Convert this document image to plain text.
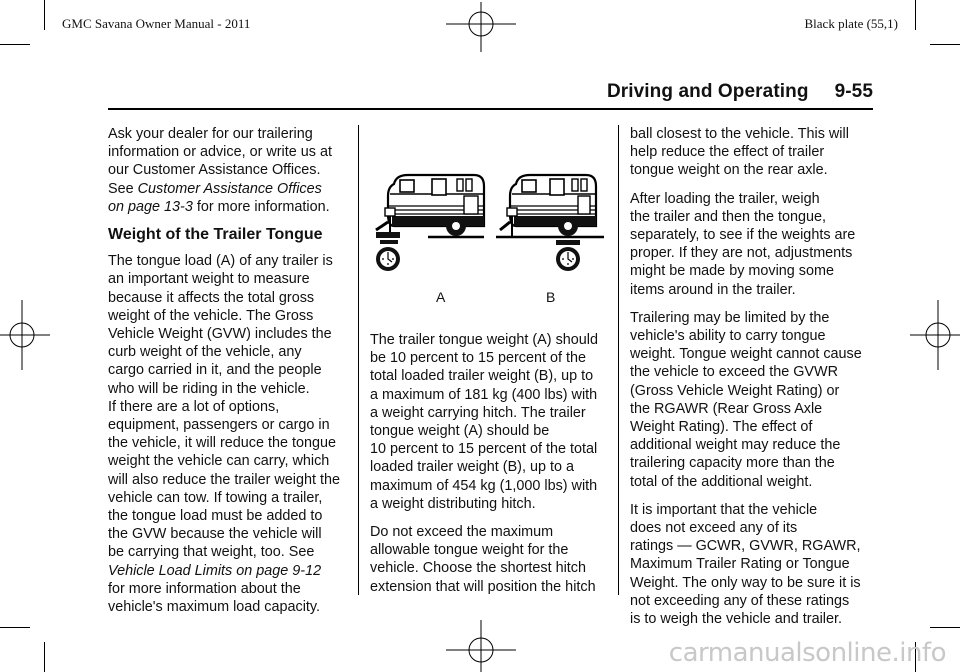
GMC Savana Owner Manual - 2011	Black plate (55,1)
Driving and Operating 9-55

Ask your dealer for our trailering
information or advice, or write us at
our Customer Assistance Offices.
See Customer Assistance Offices
on page 13-3 for more information.

Weight of the Trailer Tongue

The tongue load (A) of any trailer is
an important weight to measure
because it affects the total gross
weight of the vehicle. The Gross
Vehicle Weight (GVW) includes the
curb weight of the vehicle, any
cargo carried in it, and the people
who will be riding in the vehicle.
If there are a lot of options,
equipment, passengers or cargo in
the vehicle, it will reduce the tongue
weight the vehicle can carry, which
will also reduce the trailer weight the
vehicle can tow. If towing a trailer,
the tongue load must be added to
the GVW because the vehicle will
be carrying that weight, too. See
Vehicle Load Limits on page 9-12
for more information about the
vehicle's maximum load capacity.

A	B

The trailer tongue weight (A) should
be 10 percent to 15 percent of the
total loaded trailer weight (B), up to
a maximum of 181 kg (400 lbs) with
a weight carrying hitch. The trailer
tongue weight (A) should be
10 percent to 15 percent of the total
loaded trailer weight (B), up to a
maximum of 454 kg (1,000 lbs) with
a weight distributing hitch.

Do not exceed the maximum
allowable tongue weight for the
vehicle. Choose the shortest hitch
extension that will position the hitch

ball closest to the vehicle. This will
help reduce the effect of trailer
tongue weight on the rear axle.

After loading the trailer, weigh
the trailer and then the tongue,
separately, to see if the weights are
proper. If they are not, adjustments
might be made by moving some
items around in the trailer.

Trailering may be limited by the
vehicle's ability to carry tongue
weight. Tongue weight cannot cause
the vehicle to exceed the GVWR
(Gross Vehicle Weight Rating) or
the RGAWR (Rear Gross Axle
Weight Rating). The effect of
additional weight may reduce the
trailering capacity more than the
total of the additional weight.

It is important that the vehicle
does not exceed any of its
ratings — GCWR, GVWR, RGAWR,
Maximum Trailer Rating or Tongue
Weight. The only way to be sure it is
not exceeding any of these ratings
is to weigh the vehicle and trailer.

carmanualsonline.info
